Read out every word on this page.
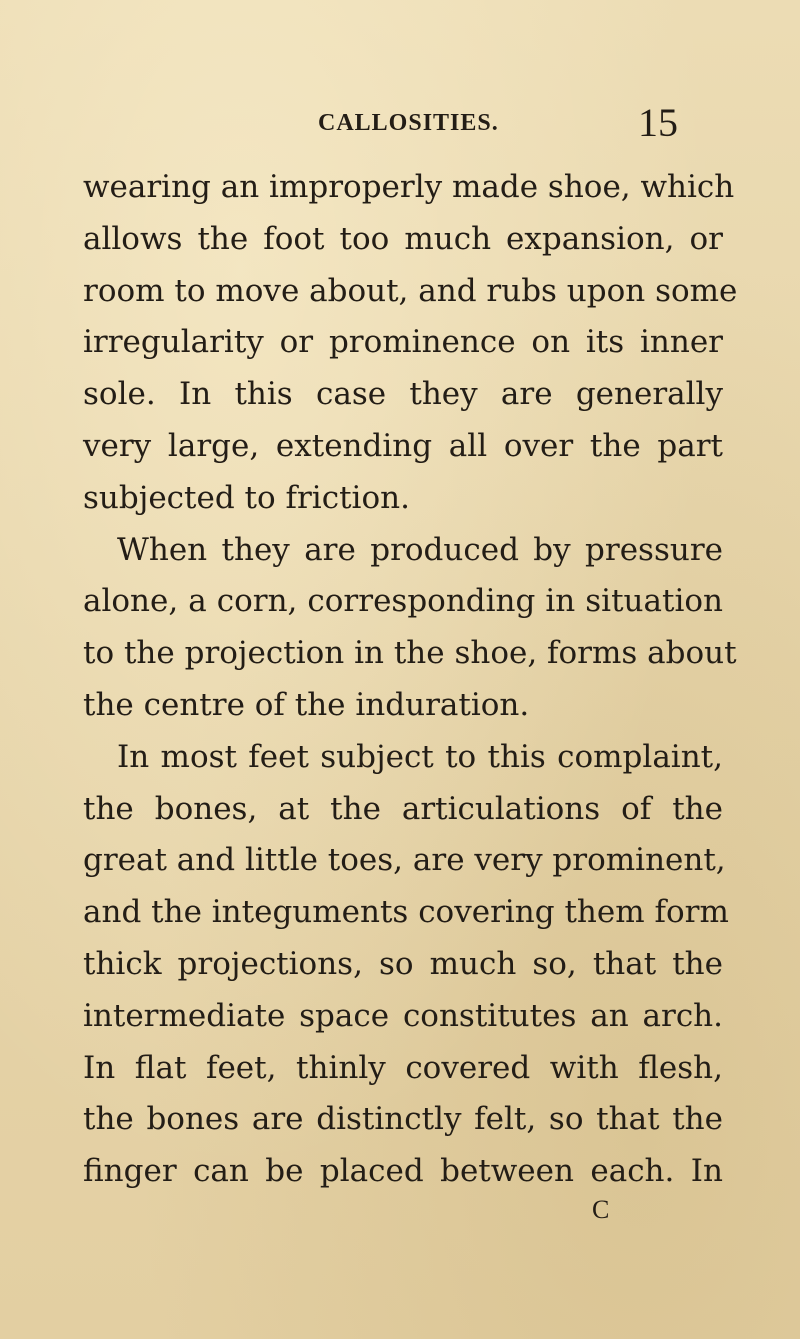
CALLOSITIES.	15
wearing an improperly made shoe, which
allows the foot too much expansion, or
room to move about, and rubs upon some
irregularity or prominence on its inner
sole. In this case they are generally
very large, extending all over the part
subjected to friction.
When they are produced by pressure
alone, a corn, corresponding in situation
to the projection in the shoe, forms about
the centre of the induration.
In most feet subject to this complaint,
the bones, at the articulations of the
great and little toes, are very prominent,
and the integuments covering them form
thick projections, so much so, that the
intermediate space constitutes an arch.
In flat feet, thinly covered with flesh,
the bones are distinctly felt, so that the
finger can be placed between each. In
C
